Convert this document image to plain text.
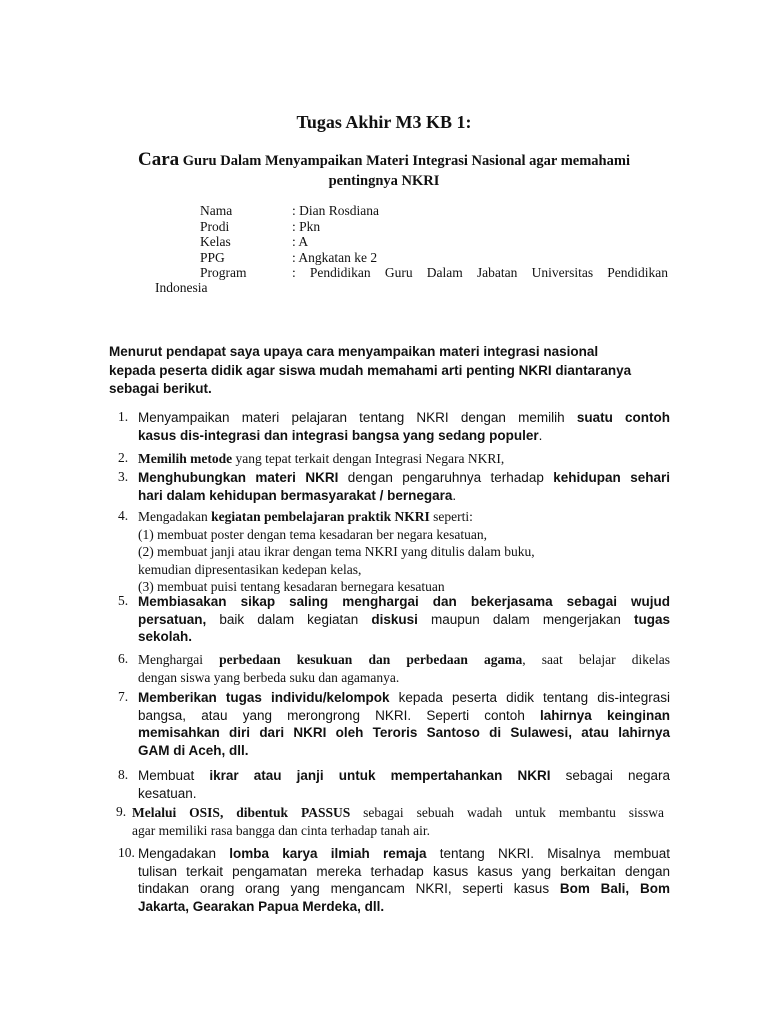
Tugas Akhir M3 KB 1:
Cara Guru Dalam Menyampaikan Materi Integrasi Nasional agar memahami
pentingnya NKRI
Nama	: Dian Rosdiana
Prodi	: Pkn
Kelas	: A
PPG	: Angkatan ke 2
Program	: Pendidikan Guru Dalam Jabatan Universitas Pendidikan
Indonesia
Menurut pendapat saya upaya cara menyampaikan materi integrasi nasional
kepada peserta didik agar siswa mudah memahami arti penting NKRI diantaranya
sebagai berikut.
1. Menyampaikan materi pelajaran tentang NKRI dengan memilih suatu contoh
kasus dis-integrasi dan integrasi bangsa yang sedang populer.
2. Memilih metode yang tepat terkait dengan Integrasi Negara NKRI,
3. Menghubungkan materi NKRI dengan pengaruhnya terhadap kehidupan sehari
hari dalam kehidupan bermasyarakat / bernegara.
4. Mengadakan kegiatan pembelajaran praktik NKRI seperti:
(1) membuat poster dengan tema kesadaran ber negara kesatuan,
(2) membuat janji atau ikrar dengan tema NKRI yang ditulis dalam buku,
kemudian dipresentasikan kedepan kelas,
(3) membuat puisi tentang kesadaran bernegara kesatuan
5. Membiasakan sikap saling menghargai dan bekerjasama sebagai wujud
persatuan, baik dalam kegiatan diskusi maupun dalam mengerjakan tugas
sekolah.
6. Menghargai perbedaan kesukuan dan perbedaan agama, saat belajar dikelas
dengan siswa yang berbeda suku dan agamanya.
7. Memberikan tugas individu/kelompok kepada peserta didik tentang dis-integrasi
bangsa, atau yang merongrong NKRI. Seperti contoh lahirnya keinginan
memisahkan diri dari NKRI oleh Teroris Santoso di Sulawesi, atau lahirnya
GAM di Aceh, dll.
8. Membuat ikrar atau janji untuk mempertahankan NKRI sebagai negara
kesatuan.
9. Melalui OSIS, dibentuk PASSUS sebagai sebuah wadah untuk membantu sisswa
agar memiliki rasa bangga dan cinta terhadap tanah air.
10. Mengadakan lomba karya ilmiah remaja tentang NKRI. Misalnya membuat
tulisan terkait pengamatan mereka terhadap kasus kasus yang berkaitan dengan
tindakan orang orang yang mengancam NKRI, seperti kasus Bom Bali, Bom
Jakarta, Gearakan Papua Merdeka, dll.
